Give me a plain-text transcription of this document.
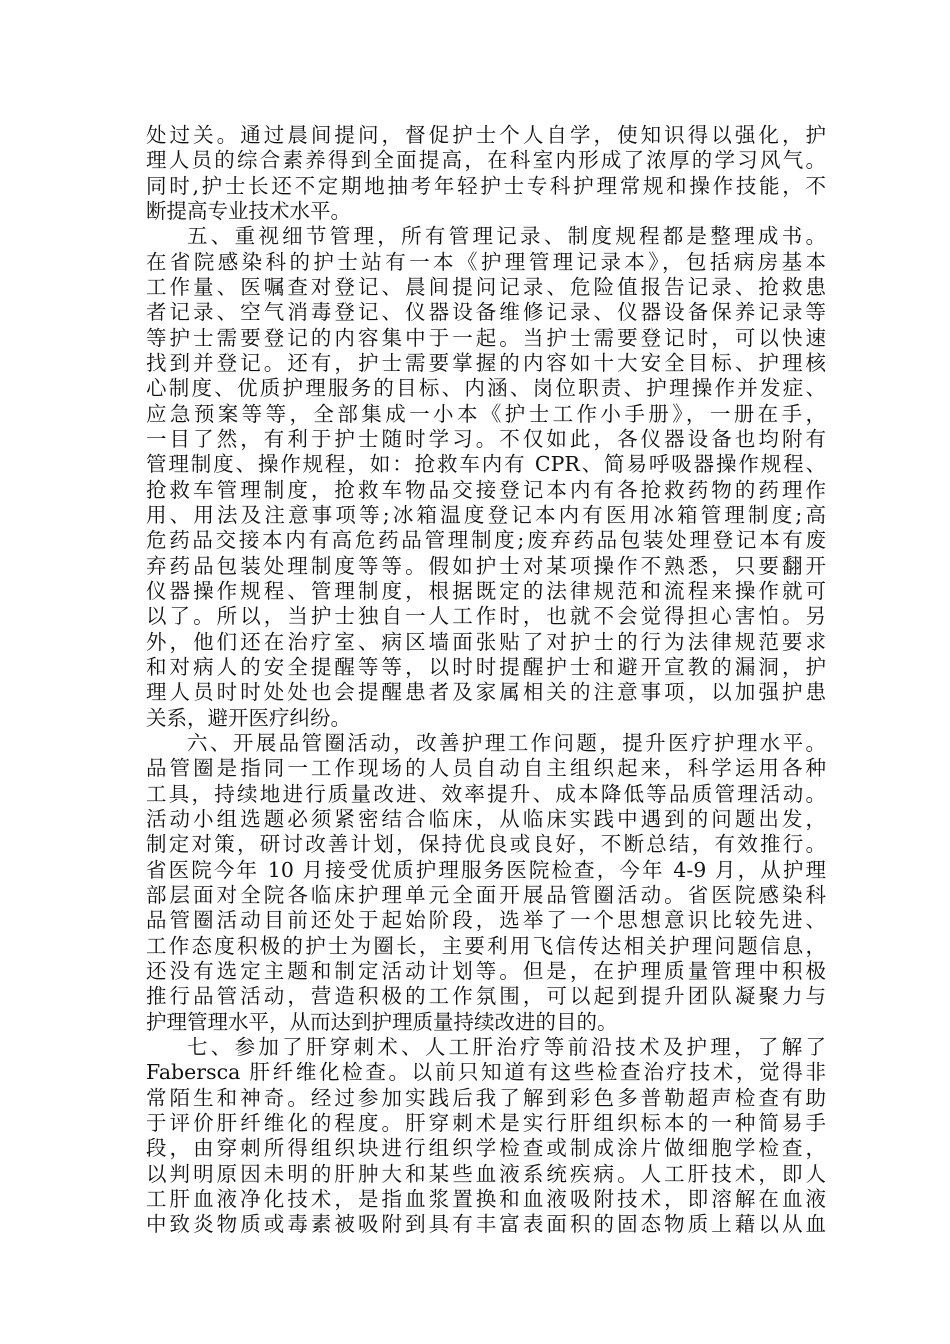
处过关。通过晨间提问，督促护士个人自学，使知识得以强化，护
理人员的综合素养得到全面提高，在科室内形成了浓厚的学习风气。
同时,护士长还不定期地抽考年轻护士专科护理常规和操作技能，不
断提高专业技术水平。
五、重视细节管理，所有管理记录、制度规程都是整理成书。
在省院感染科的护士站有一本《护理管理记录本》，包括病房基本
工作量、医嘱查对登记、晨间提问记录、危险值报告记录、抢救患
者记录、空气消毒登记、仪器设备维修记录、仪器设备保养记录等
等护士需要登记的内容集中于一起。当护士需要登记时，可以快速
找到并登记。还有，护士需要掌握的内容如十大安全目标、护理核
心制度、优质护理服务的目标、内涵、岗位职责、护理操作并发症、
应急预案等等，全部集成一小本《护士工作小手册》，一册在手，
一目了然，有利于护士随时学习。不仅如此，各仪器设备也均附有
管理制度、操作规程，如：抢救车内有 CPR、简易呼吸器操作规程、
抢救车管理制度，抢救车物品交接登记本内有各抢救药物的药理作
用、用法及注意事项等;冰箱温度登记本内有医用冰箱管理制度;高
危药品交接本内有高危药品管理制度;废弃药品包装处理登记本有废
弃药品包装处理制度等等。假如护士对某项操作不熟悉，只要翻开
仪器操作规程、管理制度，根据既定的法律规范和流程来操作就可
以了。所以，当护士独自一人工作时，也就不会觉得担心害怕。另
外，他们还在治疗室、病区墙面张贴了对护士的行为法律规范要求
和对病人的安全提醒等等，以时时提醒护士和避开宣教的漏洞，护
理人员时时处处也会提醒患者及家属相关的注意事项，以加强护患
关系，避开医疗纠纷。
六、开展品管圈活动，改善护理工作问题，提升医疗护理水平。
品管圈是指同一工作现场的人员自动自主组织起来，科学运用各种
工具，持续地进行质量改进、效率提升、成本降低等品质管理活动。
活动小组选题必须紧密结合临床，从临床实践中遇到的问题出发，
制定对策，研讨改善计划，保持优良或良好，不断总结，有效推行。
省医院今年 10 月接受优质护理服务医院检查，今年 4-9 月，从护理
部层面对全院各临床护理单元全面开展品管圈活动。省医院感染科
品管圈活动目前还处于起始阶段，选举了一个思想意识比较先进、
工作态度积极的护士为圈长，主要利用飞信传达相关护理问题信息，
还没有选定主题和制定活动计划等。但是，在护理质量管理中积极
推行品管活动，营造积极的工作氛围，可以起到提升团队凝聚力与
护理管理水平，从而达到护理质量持续改进的目的。
七、参加了肝穿刺术、人工肝治疗等前沿技术及护理，了解了
Fabersca 肝纤维化检查。以前只知道有这些检查治疗技术，觉得非
常陌生和神奇。经过参加实践后我了解到彩色多普勒超声检查有助
于评价肝纤维化的程度。肝穿刺术是实行肝组织标本的一种简易手
段，由穿刺所得组织块进行组织学检查或制成涂片做细胞学检查，
以判明原因未明的肝肿大和某些血液系统疾病。人工肝技术，即人
工肝血液净化技术，是指血浆置换和血液吸附技术，即溶解在血液
中致炎物质或毒素被吸附到具有丰富表面积的固态物质上藉以从血
